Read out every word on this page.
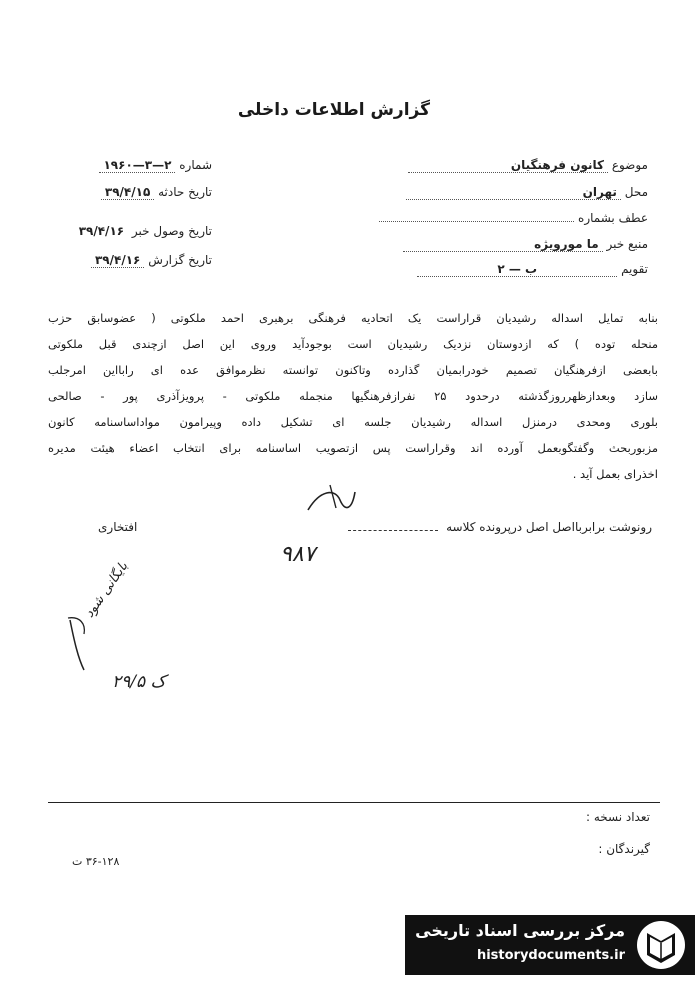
گزارش اطلاعات داخلی
موضوع کانون فرهنگیان
محل تهران
عطف بشماره
منبع خبر ما مورویژه
تقویم ب — ۲
شماره ۲—۳—۱۹۶۰
تاریخ حادثه ۳۹/۴/۱۵
تاریخ وصول خبر ۳۹/۴/۱۶
تاریخ گزارش ۳۹/۴/۱۶
بنابه تمایل اسداله رشیدیان قراراست یک اتحادیه فرهنگی برهبری احمد ملکوتی ( عضوسابق حزب
منحله توده ) که ازدوستان نزدیک رشیدیان است بوجودآید وروی این اصل ازچندی قبل ملکوتی
بابعضی ازفرهنگیان تصمیم خودرابمیان گذارده وتاکنون توانسته نظرموافق عده ای رابااین امرجلب
سازد وبعدازظهرروزگذشته درحدود ۲۵ نفرازفرهنگیها منجمله ملکوتی - پرویزآذری پور - صالحی
بلوری ومحدی درمنزل اسداله رشیدیان جلسه ای تشکیل داده وپیرامون مواداساسنامه کانون
مزبوربحث وگفتگوبعمل آورده اند وقراراست پس ازتصویب اساسنامه برای انتخاب اعضاء هیئت مدیره
اخذرای بعمل آید .
رونوشت برابربااصل اصل درپرونده کلاسه
افتخاری
۹۸۷
بایگانی شود
ک ۲۹/۵
تعداد نسخه :
گیرندگان :
۳۶-۱۲۸ ت
مرکز بررسی اسناد تاریخی
historydocuments.ir
